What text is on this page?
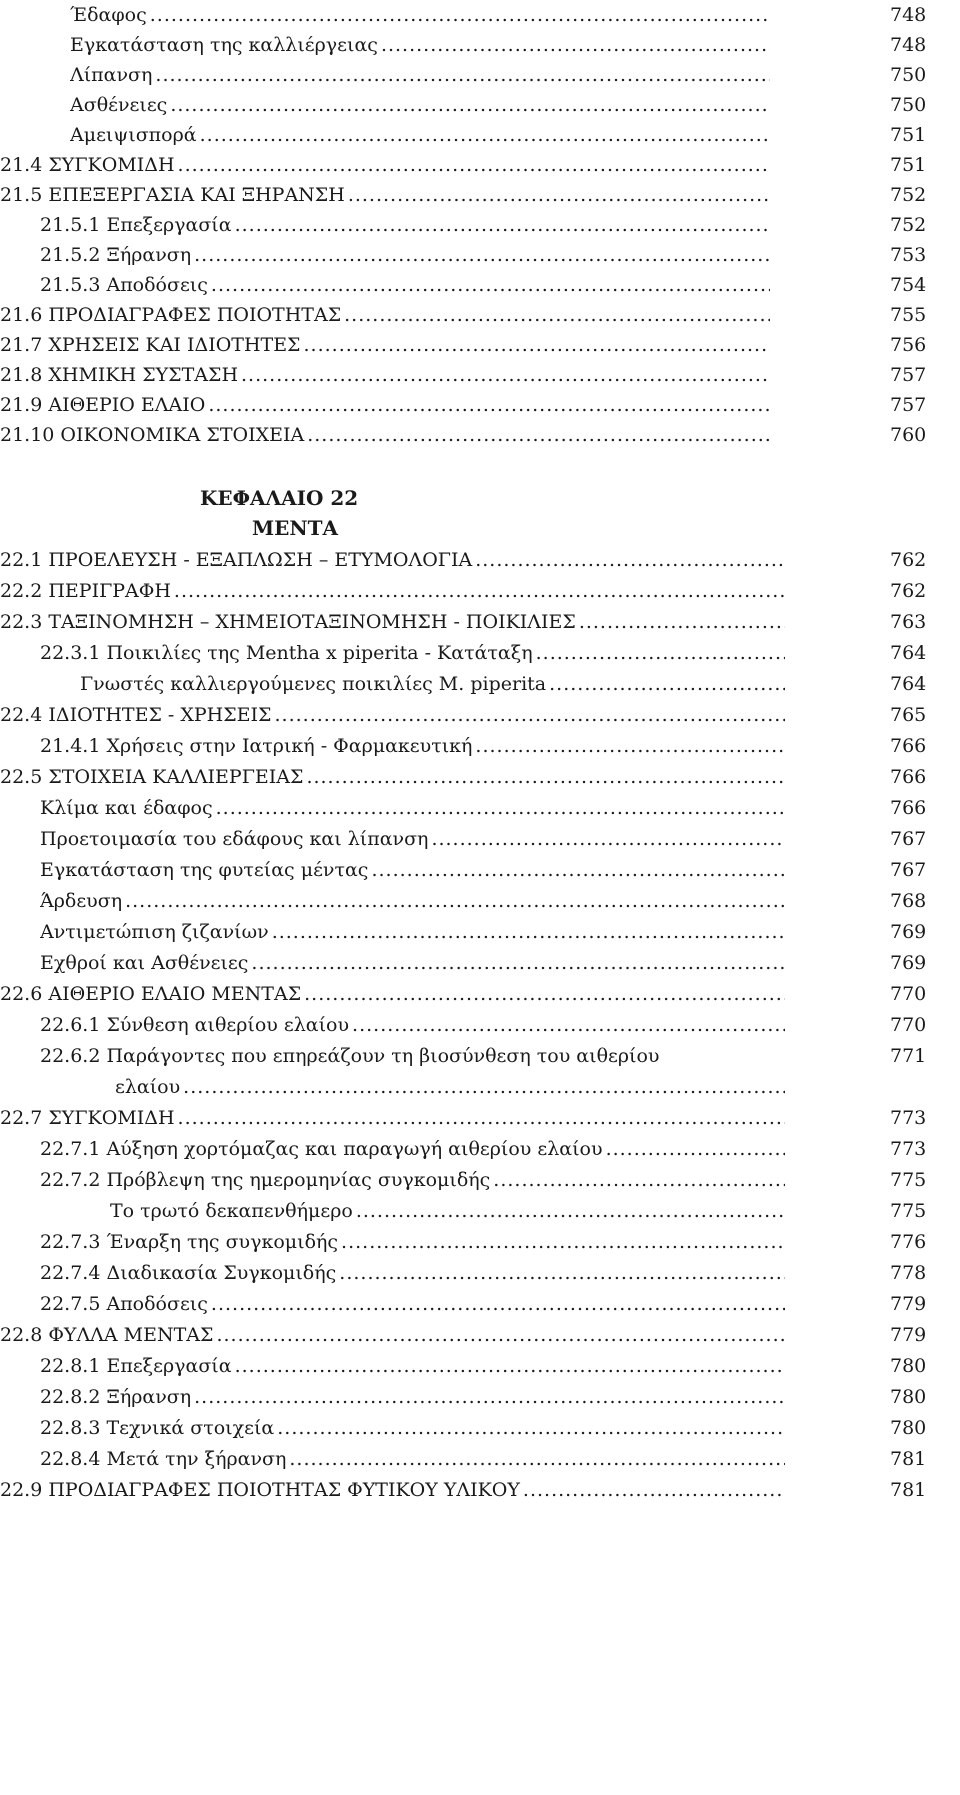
Έδαφος .....	748
Εγκατάσταση της καλλιέργειας .....	748
Λίπανση .....	750
Ασθένειες .....	750
Αμειψισπορά .....	751
21.4 ΣΥΓΚΟΜΙΔΗ .....	751
21.5 ΕΠΕΞΕΡΓΑΣΙΑ ΚΑΙ ΞΗΡΑΝΣΗ .....	752
21.5.1 Επεξεργασία .....	752
21.5.2 Ξήρανση .....	753
21.5.3 Αποδόσεις .....	754
21.6 ΠΡΟΔΙΑΓΡΑΦΕΣ ΠΟΙΟΤΗΤΑΣ .....	755
21.7 ΧΡΗΣΕΙΣ ΚΑΙ ΙΔΙΟΤΗΤΕΣ .....	756
21.8 ΧΗΜΙΚΗ ΣΥΣΤΑΣΗ .....	757
21.9 ΑΙΘΕΡΙΟ ΕΛΑΙΟ .....	757
21.10 ΟΙΚΟΝΟΜΙΚΑ ΣΤΟΙΧΕΙΑ .....	760
ΚΕΦΑΛΑΙΟ 22
ΜΕΝΤΑ
22.1 ΠΡΟΕΛΕΥΣΗ - ΕΞΑΠΛΩΣΗ – ΕΤΥΜΟΛΟΓΙΑ .....	762
22.2 ΠΕΡΙΓΡΑΦΗ .....	762
22.3 ΤΑΞΙΝΟΜΗΣΗ – ΧΗΜΕΙΟΤΑΞΙΝΟΜΗΣΗ - ΠΟΙΚΙΛΙΕΣ .....	763
22.3.1 Ποικιλίες της Mentha x piperita - Κατάταξη .....	764
Γνωστές καλλιεργούμενες ποικιλίες M. piperita .....	764
22.4 ΙΔΙΟΤΗΤΕΣ - ΧΡΗΣΕΙΣ .....	765
21.4.1 Χρήσεις στην Ιατρική - Φαρμακευτική .....	766
22.5 ΣΤΟΙΧΕΙΑ ΚΑΛΛΙΕΡΓΕΙΑΣ .....	766
Κλίμα και έδαφος .....	766
Προετοιμασία του εδάφους και λίπανση .....	767
Εγκατάσταση της φυτείας μέντας .....	767
Άρδευση .....	768
Αντιμετώπιση ζιζανίων .....	769
Εχθροί και Ασθένειες .....	769
22.6 ΑΙΘΕΡΙΟ ΕΛΑΙΟ ΜΕΝΤΑΣ .....	770
22.6.1 Σύνθεση αιθερίου ελαίου .....	770
22.6.2 Παράγοντες που επηρεάζουν τη βιοσύνθεση του αιθερίου	771
ελαίου
.....
22.7 ΣΥΓΚΟΜΙΔΗ .....	773
22.7.1 Αύξηση χορτόμαζας και παραγωγή αιθερίου ελαίου .....	773
22.7.2 Πρόβλεψη της ημερομηνίας συγκομιδής .....	775
Το τρωτό δεκαπενθήμερο .....	775
22.7.3 Έναρξη της συγκομιδής .....	776
22.7.4 Διαδικασία Συγκομιδής .....	778
22.7.5 Αποδόσεις .....	779
22.8 ΦΥΛΛΑ ΜΕΝΤΑΣ .....	779
22.8.1 Επεξεργασία .....	780
22.8.2 Ξήρανση .....	780
22.8.3 Τεχνικά στοιχεία .....	780
22.8.4 Μετά την ξήρανση .....	781
22.9 ΠΡΟΔΙΑΓΡΑΦΕΣ ΠΟΙΟΤΗΤΑΣ ΦΥΤΙΚΟΥ ΥΛΙΚΟΥ .....	781
